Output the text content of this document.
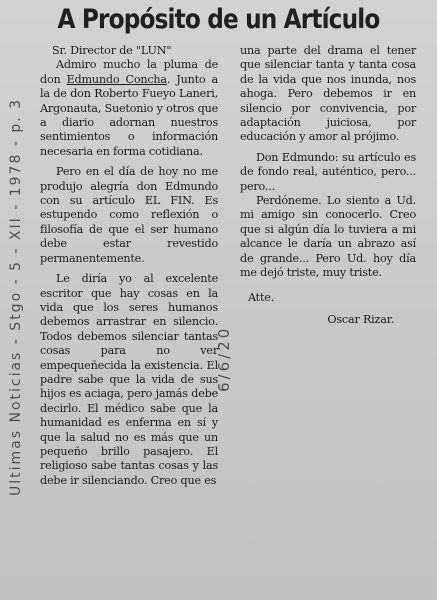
A Propósito de un Artículo

Sr. Director de "LUN"

Admiro mucho la pluma de don Edmundo Concha. Junto a la de don Roberto Fueyo Laneri, Argonauta, Suetonio y otros que a diario adornan nuestros sentimientos o información necesaria en forma cotidiana.

Pero en el día de hoy no me produjo alegría don Edmundo con su artículo EL FIN. Es estupendo como reflexión o filosofía de que el ser humano debe estar revestido permanentemente.

Le diría yo al excelente escritor que hay cosas en la vida que los seres humanos debemos arrastrar en silencio. Todos debemos silenciar tantas cosas para no ver empequeñecida la existencia. El padre sabe que la vida de sus hijos es aciaga, pero jamás debe decirlo. El médico sabe que la humanidad es enferma en sí y que la salud no es más que un pequeño brillo pasajero. El religioso sabe tantas cosas y las debe ir silenciando. Creo que es

una parte del drama el tener que silenciar tanta y tanta cosa de la vida que nos inunda, nos ahoga. Pero debemos ir en silencio por convivencia, por adaptación juiciosa, por educación y amor al prójimo.

Don Edmundo: su artículo es de fondo real, auténtico, pero... pero...

Perdóneme. Lo siento a Ud. mi amigo sin conocerlo. Creo que si algún día lo tuviera a mi alcance le daría un abrazo así de grande... Pero Ud. hoy día me dejó triste, muy triste.

Atte.

Oscar Rizar.

Ultimas Noticias - Stgo - 5 - XII - 1978 - p. 3	6/6/20
